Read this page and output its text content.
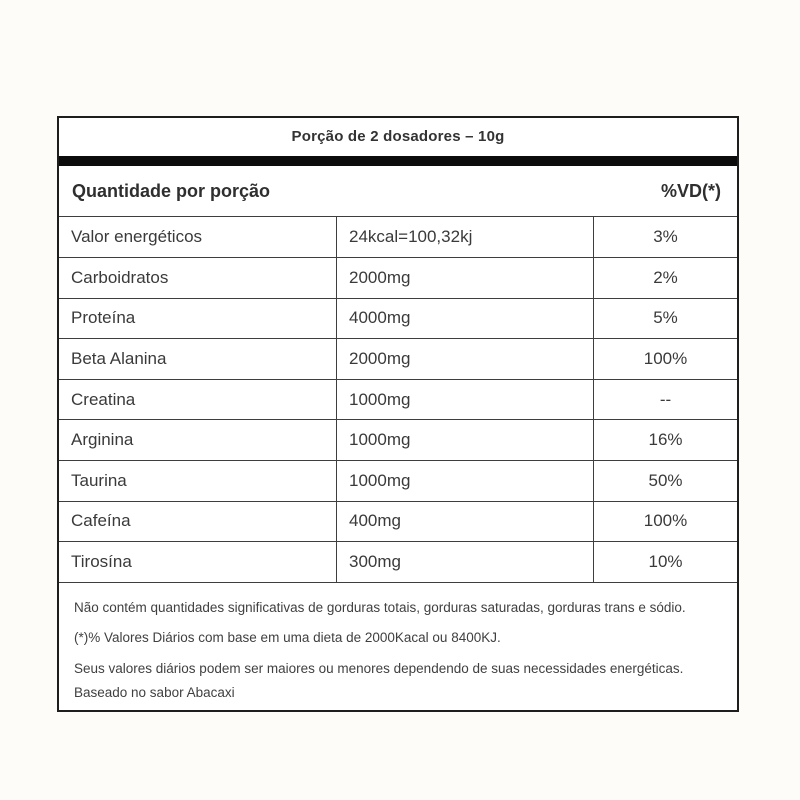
Porção de 2 dosadores – 10g
Quantidade por porção	%VD(*)
Valor energéticos	24kcal=100,32kj	3%
Carboidratos	2000mg	2%
Proteína	4000mg	5%
Beta Alanina	2000mg	100%
Creatina	1000mg	--
Arginina	1000mg	16%
Taurina	1000mg	50%
Cafeína	400mg	100%
Tirosína	300mg	10%

Não contém quantidades significativas de gorduras totais, gorduras saturadas, gorduras trans e sódio.

(*)% Valores Diários com base em uma dieta de 2000Kacal ou 8400KJ.

Seus valores diários podem ser maiores ou menores dependendo de suas necessidades energéticas.

Baseado no sabor Abacaxi
